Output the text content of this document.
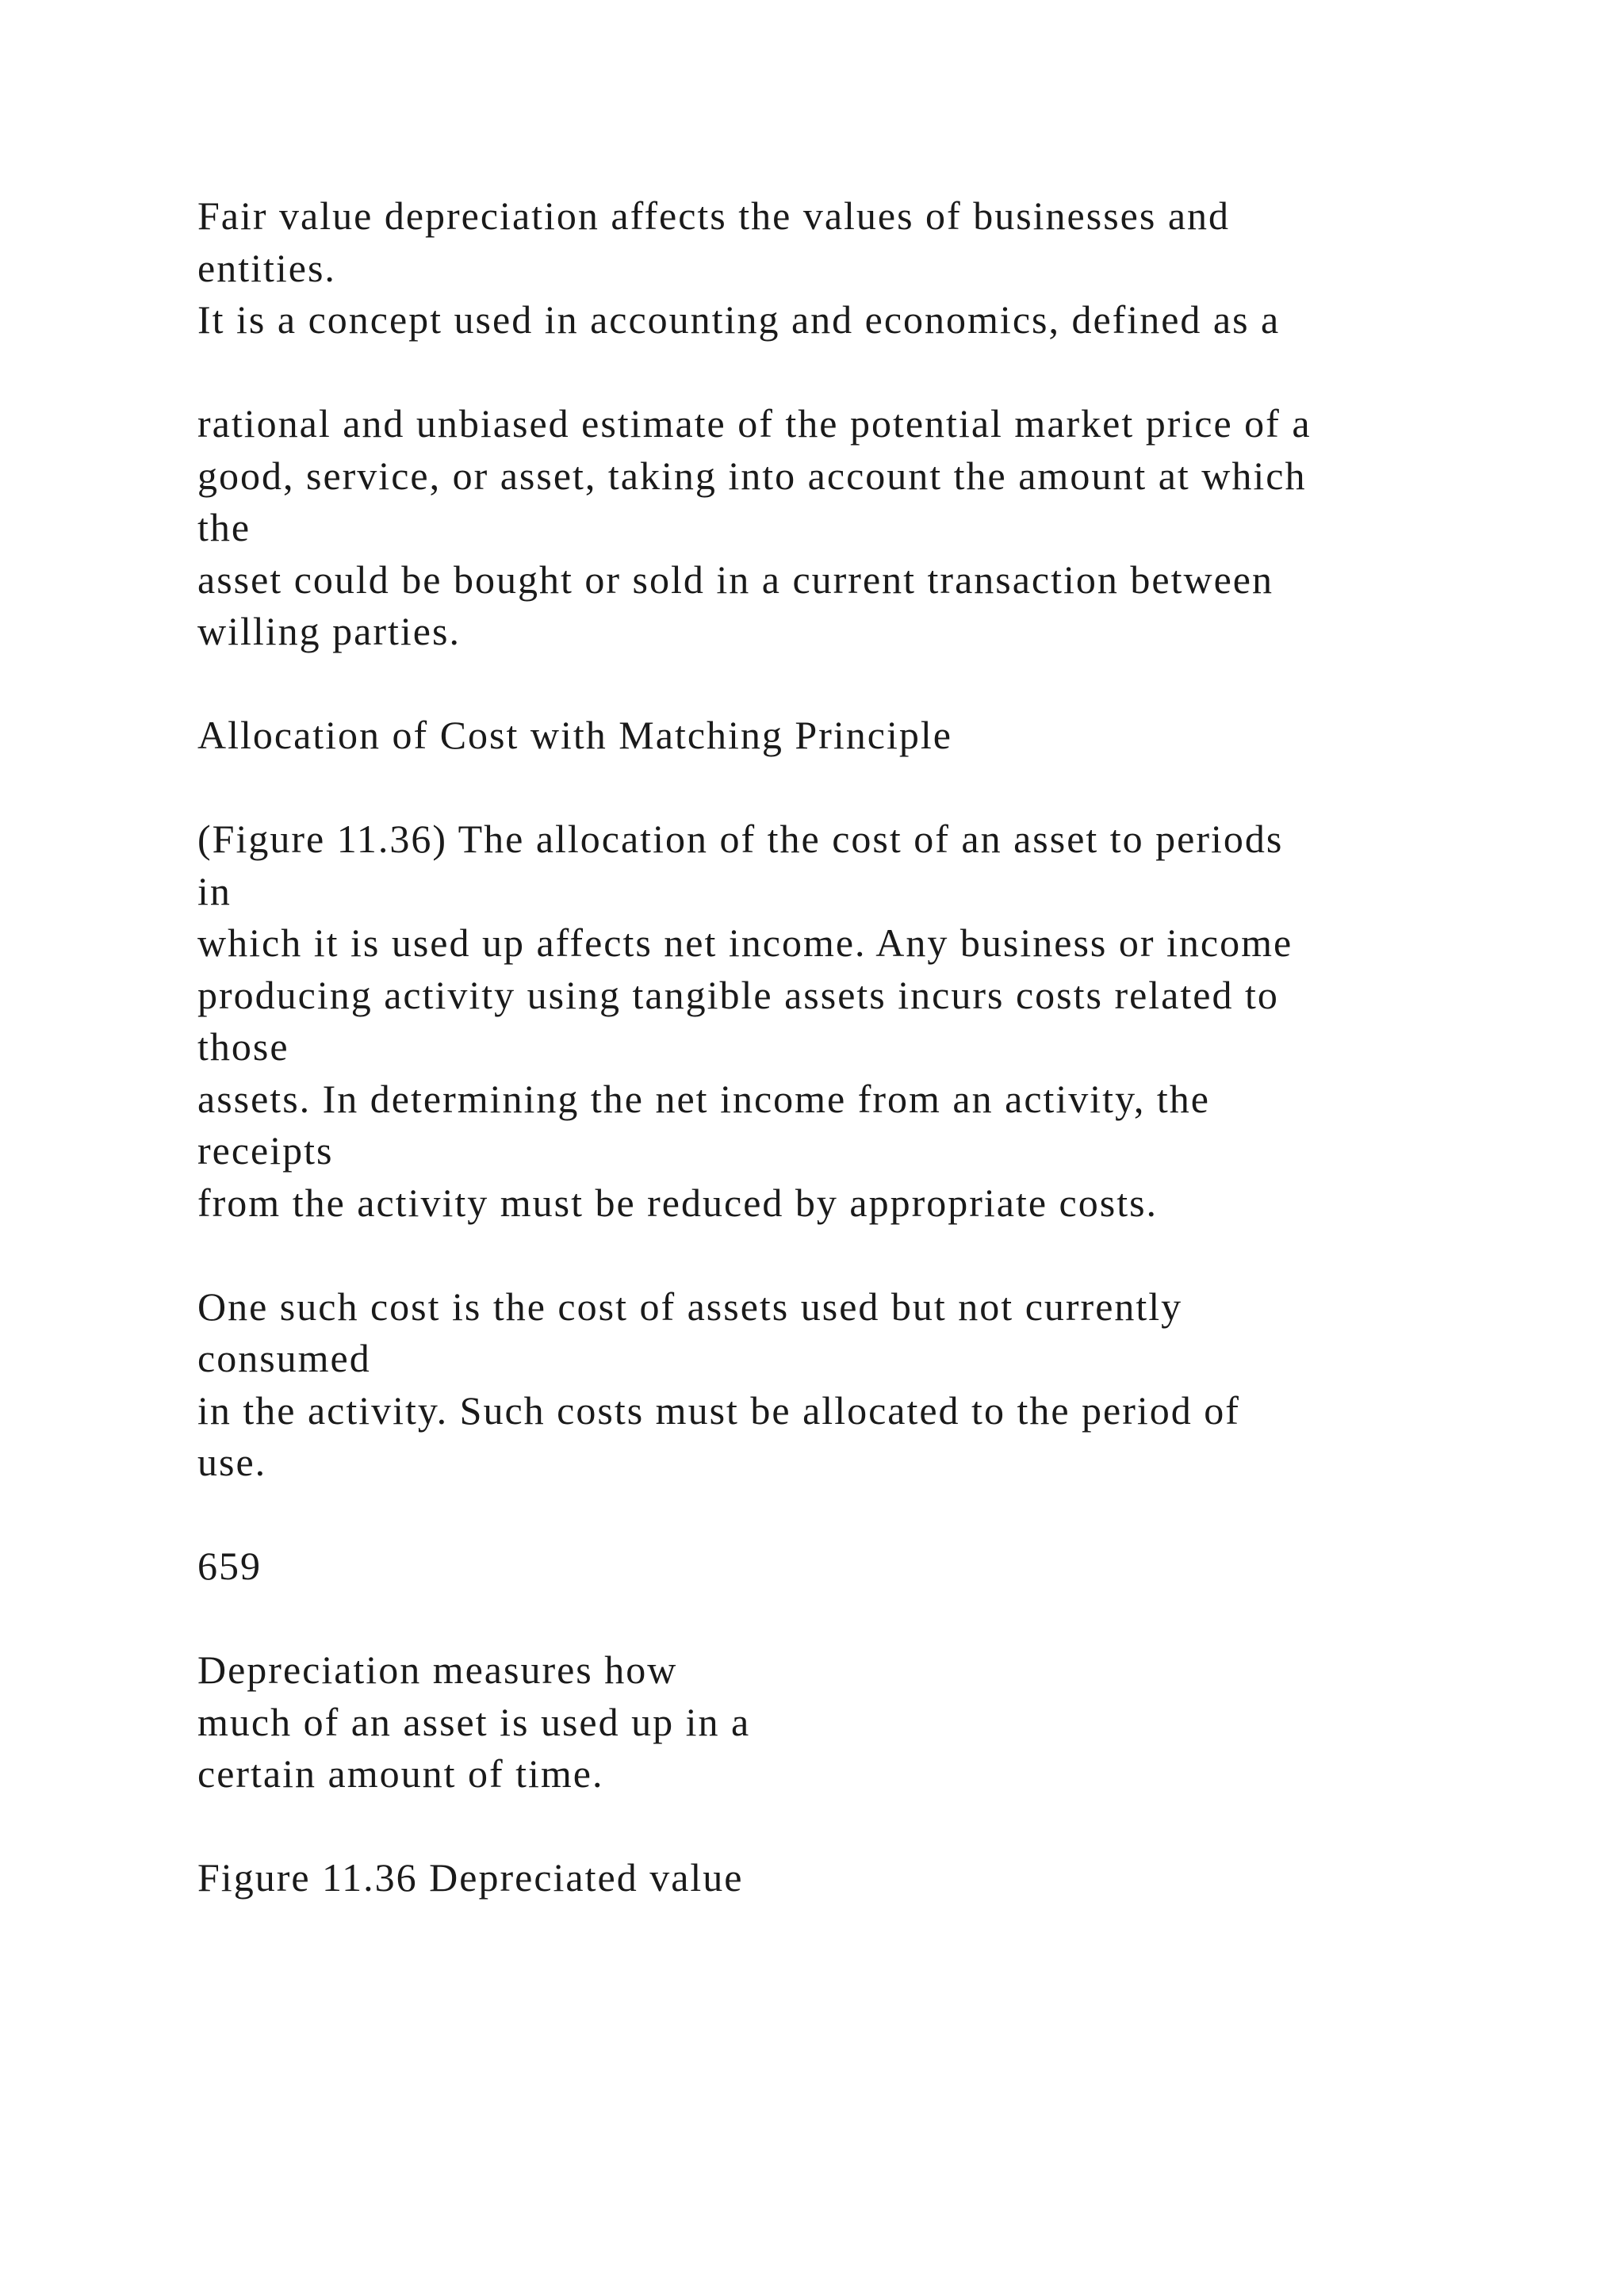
Fair value depreciation affects the values of businesses and
entities.
It is a concept used in accounting and economics, defined as a
rational and unbiased estimate of the potential market price of a
good, service, or asset, taking into account the amount at which
the
asset could be bought or sold in a current transaction between
willing parties.
Allocation of Cost with Matching Principle
(Figure 11.36) The allocation of the cost of an asset to periods
in
which it is used up affects net income. Any business or income
producing activity using tangible assets incurs costs related to
those
assets. In determining the net income from an activity, the
receipts
from the activity must be reduced by appropriate costs.
One such cost is the cost of assets used but not currently
consumed
in the activity. Such costs must be allocated to the period of
use.
659
Depreciation measures how
much of an asset is used up in a
certain amount of time.
Figure 11.36 Depreciated value
